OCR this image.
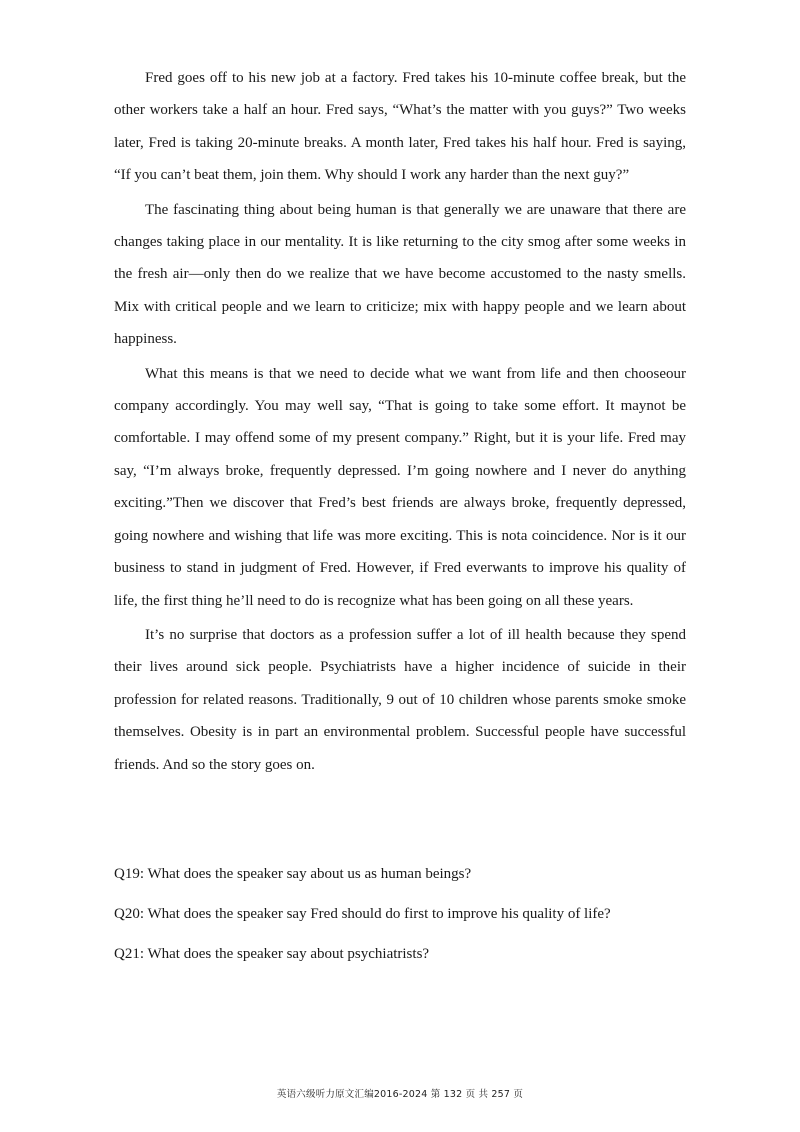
Fred goes off to his new job at a factory. Fred takes his 10-minute coffee break, but the other workers take a half an hour. Fred says, “What’s the matter with you guys?” Two weeks later, Fred is taking 20-minute breaks. A month later, Fred takes his half hour. Fred is saying, “If you can’t beat them, join them. Why should I work any harder than the next guy?”

The fascinating thing about being human is that generally we are unaware that there are changes taking place in our mentality. It is like returning to the city smog after some weeks in the fresh air—only then do we realize that we have become accustomed to the nasty smells. Mix with critical people and we learn to criticize; mix with happy people and we learn about happiness.

What this means is that we need to decide what we want from life and then chooseour company accordingly. You may well say, “That is going to take some effort. It maynot be comfortable. I may offend some of my present company.” Right, but it is your life. Fred may say, “I’m always broke, frequently depressed. I’m going nowhere and I never do anything exciting.”Then we discover that Fred’s best friends are always broke, frequently depressed, going nowhere and wishing that life was more exciting. This is nota coincidence. Nor is it our business to stand in judgment of Fred. However, if Fred everwants to improve his quality of life, the first thing he’ll need to do is recognize what has been going on all these years.

It’s no surprise that doctors as a profession suffer a lot of ill health because they spend their lives around sick people. Psychiatrists have a higher incidence of suicide in their profession for related reasons. Traditionally, 9 out of 10 children whose parents smoke smoke themselves. Obesity is in part an environmental problem. Successful people have successful friends. And so the story goes on.

Q19: What does the speaker say about us as human beings?

Q20: What does the speaker say Fred should do first to improve his quality of life?

Q21: What does the speaker say about psychiatrists?

英语六级听力原文汇编2016-2024 第 132 页 共 257 页
